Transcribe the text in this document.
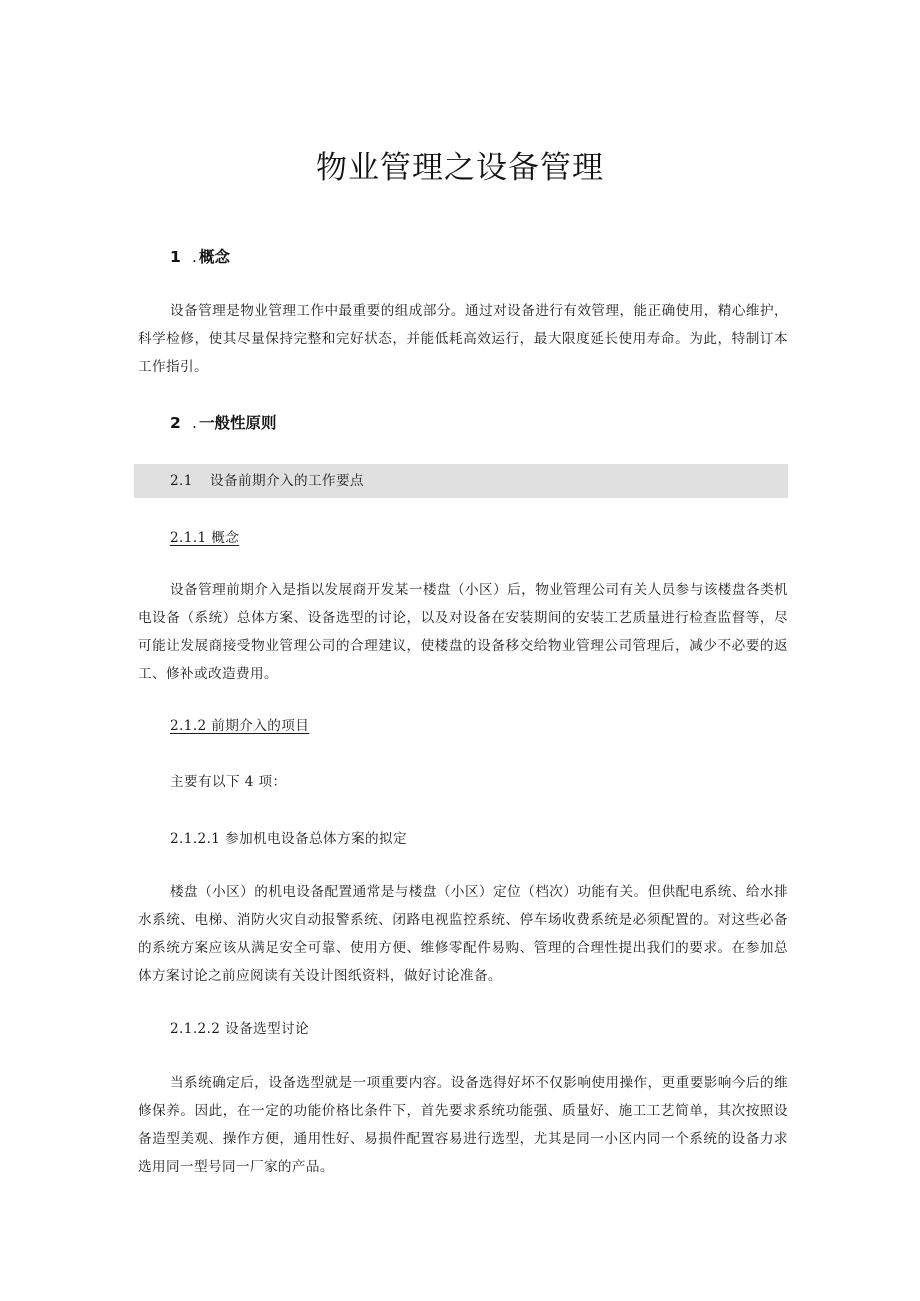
物业管理之设备管理
1 . 概念
设备管理是物业管理工作中最重要的组成部分。通过对设备进行有效管理，能正确使用，精心维护，科学检修，使其尽量保持完整和完好状态，并能低耗高效运行，最大限度延长使用寿命。为此，特制订本工作指引。
2 . 一般性原则
2.1 设备前期介入的工作要点
2.1.1 概念
设备管理前期介入是指以发展商开发某一楼盘（小区）后，物业管理公司有关人员参与该楼盘各类机电设备（系统）总体方案、设备选型的讨论，以及对设备在安装期间的安装工艺质量进行检查监督等，尽可能让发展商接受物业管理公司的合理建议，使楼盘的设备移交给物业管理公司管理后，减少不必要的返工、修补或改造费用。
2.1.2 前期介入的项目
主要有以下 4 项：
2.1.2.1 参加机电设备总体方案的拟定
楼盘（小区）的机电设备配置通常是与楼盘（小区）定位（档次）功能有关。但供配电系统、给水排水系统、电梯、消防火灾自动报警系统、闭路电视监控系统、停车场收费系统是必须配置的。对这些必备的系统方案应该从满足安全可靠、使用方便、维修零配件易购、管理的合理性提出我们的要求。在参加总体方案讨论之前应阅读有关设计图纸资料，做好讨论准备。
2.1.2.2 设备选型讨论
当系统确定后，设备选型就是一项重要内容。设备选得好坏不仅影响使用操作，更重要影响今后的维修保养。因此，在一定的功能价格比条件下，首先要求系统功能强、质量好、施工工艺简单，其次按照设备造型美观、操作方便，通用性好、易损件配置容易进行选型，尤其是同一小区内同一个系统的设备力求选用同一型号同一厂家的产品。
